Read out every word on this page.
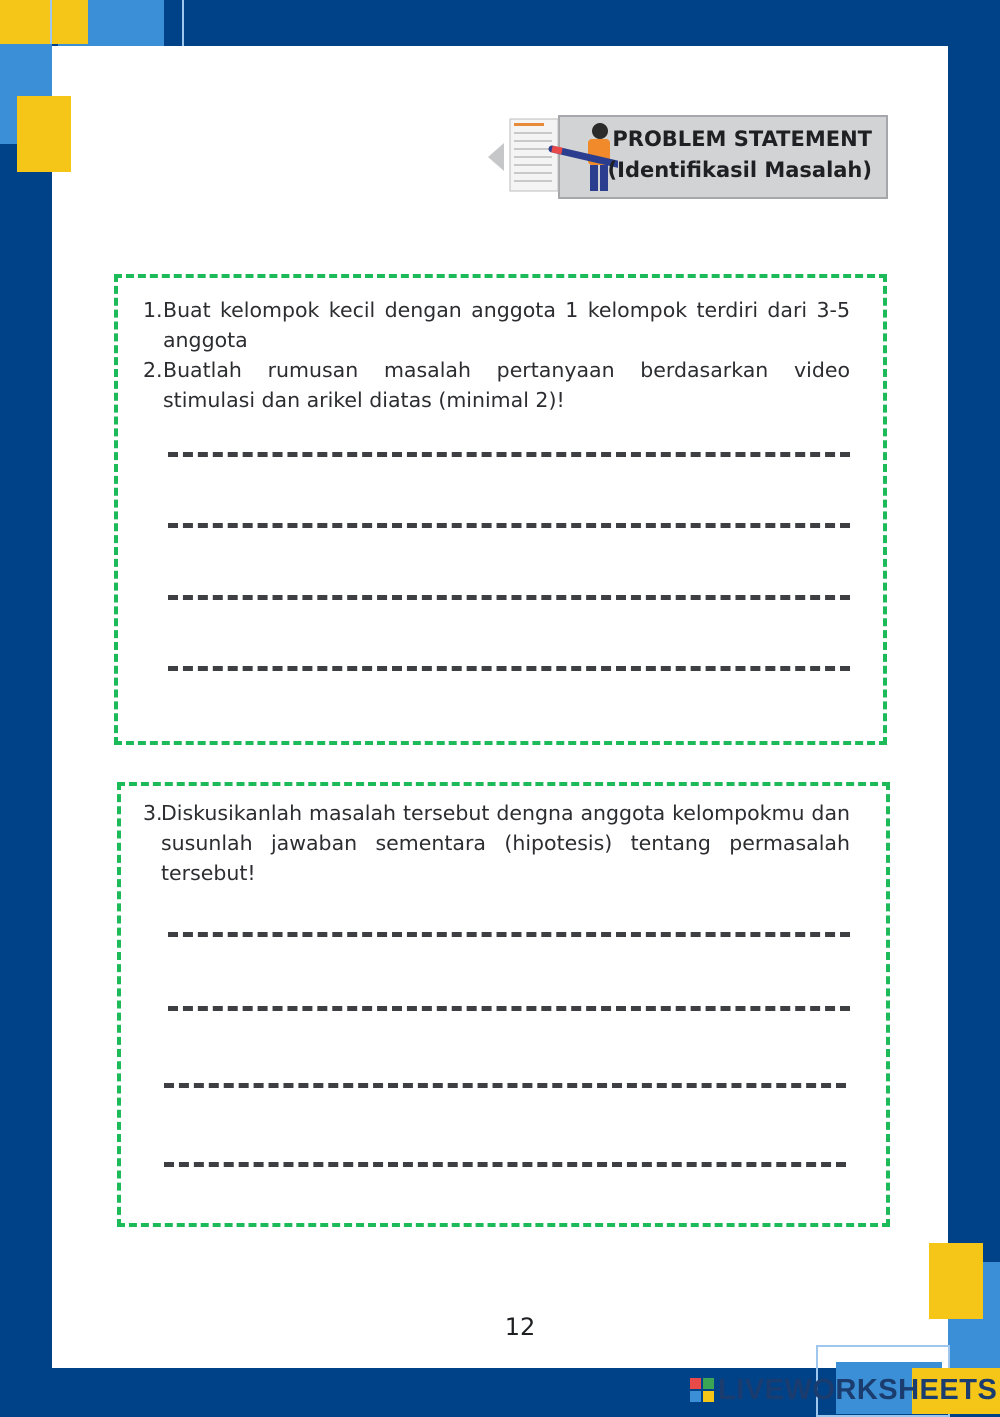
PROBLEM STATEMENT
(Identifikasil Masalah)
1. Buat kelompok kecil dengan anggota 1 kelompok terdiri dari 3-5 anggota
2. Buatlah rumusan masalah pertanyaan berdasarkan video stimulasi dan arikel diatas (minimal 2)!
3.
Diskusikanlah masalah tersebut dengna anggota kelompokmu dan susunlah jawaban sementara (hipotesis) tentang permasalah tersebut!
12
LIVEWORKSHEETS
